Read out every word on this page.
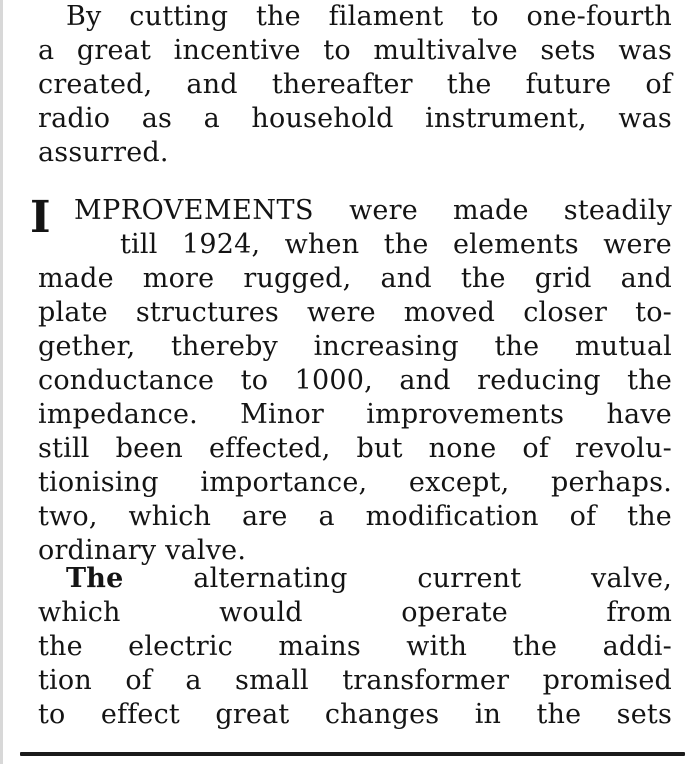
By cutting the filament to one-fourth
a great incentive to multivalve sets was
created, and thereafter the future of
radio as a household instrument, was
assurred.
I MPROVEMENTS were made steadily
till 1924, when the elements were
made more rugged, and the grid and
plate structures were moved closer to-
gether, thereby increasing the mutual
conductance to 1000, and reducing the
impedance. Minor improvements have
still been effected, but none of revolu-
tionising importance, except, perhaps.
two, which are a modification of the
ordinary valve.
The	alternating current valve,
which would operate from
the electric mains with the addi-
tion of a small transformer promised
to effect great changes in the sets
